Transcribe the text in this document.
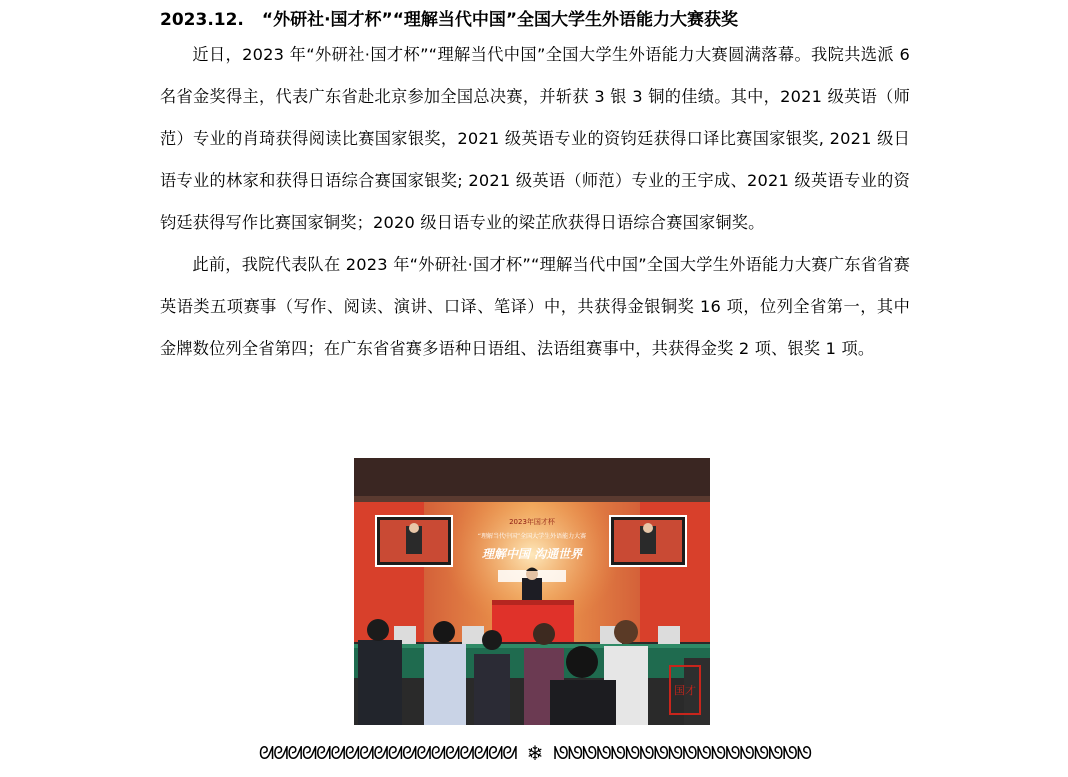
2023.12. “外研社·国才杯”“理解当代中国”全国大学生外语能力大赛获奖

近日，2023 年“外研社·国才杯”“理解当代中国”全国大学生外语能力大赛圆满落幕。我院共选派 6 名省金奖得主，代表广东省赴北京参加全国总决赛，并斩获 3 银 3 铜的佳绩。其中，2021 级英语（师范）专业的肖琦获得阅读比赛国家银奖，2021 级英语专业的资钧廷获得口译比赛国家银奖, 2021 级日语专业的林家和获得日语综合赛国家银奖; 2021 级英语（师范）专业的王宇成、2021 级英语专业的资钧廷获得写作比赛国家铜奖；2020 级日语专业的梁芷欣获得日语综合赛国家铜奖。

此前，我院代表队在 2023 年“外研社·国才杯”“理解当代中国”全国大学生外语能力大赛广东省省赛英语类五项赛事（写作、阅读、演讲、口译、笔译）中，共获得金银铜奖 16 项，位列全省第一，其中金牌数位列全省第四；在广东省省赛多语种日语组、法语组赛事中，共获得金奖 2 项、银奖 1 项。

2023年国才杯
“理解当代中国”全国大学生外语能力大赛
理解中国 沟通世界
国才
ᘛᘛᘛᘛᘛᘛᘛᘛᘛᘛᘛᘛᘛᘛᘛᘛᘛᘛ ❄ ᘚᘚᘚᘚᘚᘚᘚᘚᘚᘚᘚᘚᘚᘚᘚᘚᘚᘚ
